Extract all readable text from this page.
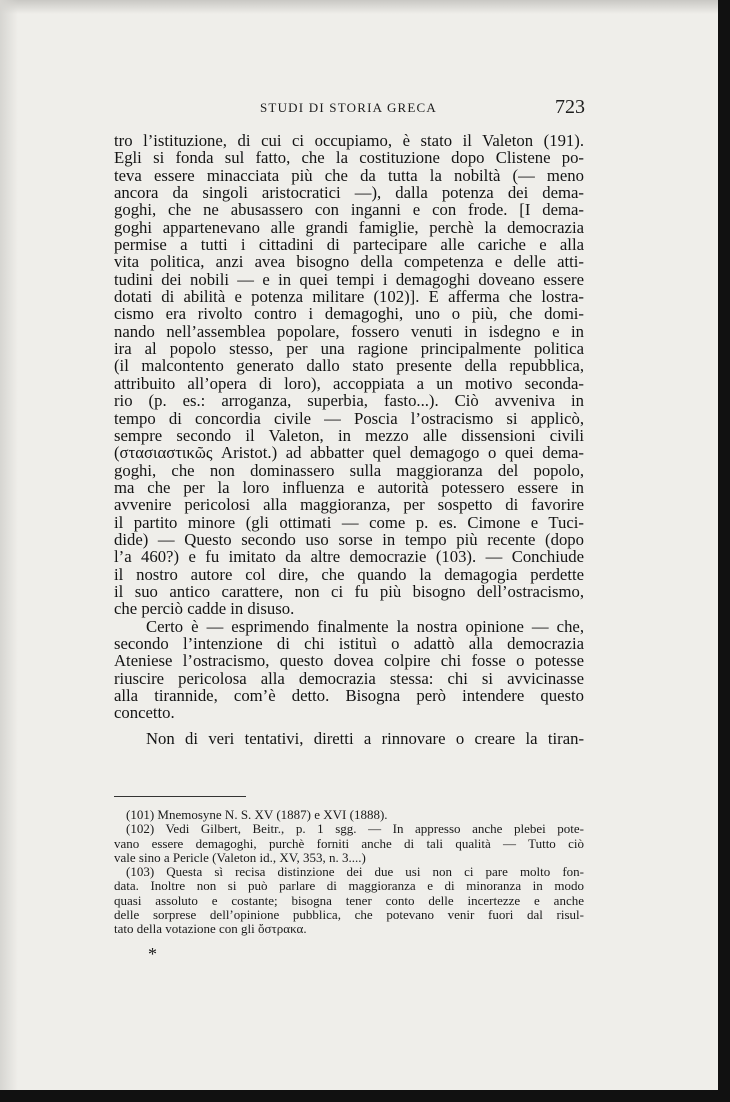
STUDI DI STORIA GRECA	723
tro l’istituzione, di cui ci occupiamo, è stato il Valeton (191).
Egli si fonda sul fatto, che la costituzione dopo Clistene po-
teva essere minacciata più che da tutta la nobiltà (— meno
ancora da singoli aristocratici —), dalla potenza dei dema-
goghi, che ne abusassero con inganni e con frode. [I dema-
goghi appartenevano alle grandi famiglie, perchè la democrazia
permise a tutti i cittadini di partecipare alle cariche e alla
vita politica, anzi avea bisogno della competenza e delle atti-
tudini dei nobili — e in quei tempi i demagoghi doveano essere
dotati di abilità e potenza militare (102)]. E afferma che lostra-
cismo era rivolto contro i demagoghi, uno o più, che domi-
nando nell’assemblea popolare, fossero venuti in isdegno e in
ira al popolo stesso, per una ragione principalmente politica
(il malcontento generato dallo stato presente della repubblica,
attribuito all’opera di loro), accoppiata a un motivo seconda-
rio (p. es.: arroganza, superbia, fasto...). Ciò avveniva in
tempo di concordia civile — Poscia l’ostracismo si applicò,
sempre secondo il Valeton, in mezzo alle dissensioni civili
(στασιαστικῶς Aristot.) ad abbatter quel demagogo o quei dema-
goghi, che non dominassero sulla maggioranza del popolo,
ma che per la loro influenza e autorità potessero essere in
avvenire pericolosi alla maggioranza, per sospetto di favorire
il partito minore (gli ottimati — come p. es. Cimone e Tuci-
dide) — Questo secondo uso sorse in tempo più recente (dopo
l’a 460?) e fu imitato da altre democrazie (103). — Conchiude
il nostro autore col dire, che quando la demagogia perdette
il suo antico carattere, non ci fu più bisogno dell’ostracismo,
che perciò cadde in disuso.
Certo è — esprimendo finalmente la nostra opinione — che,
secondo l’intenzione di chi istituì o adattò alla democrazia
Ateniese l’ostracismo, questo dovea colpire chi fosse o potesse
riuscire pericolosa alla democrazia stessa: chi si avvicinasse
alla tirannide, com’è detto. Bisogna però intendere questo
concetto.
Non di veri tentativi, diretti a rinnovare o creare la tiran-
(101) Mnemosyne N. S. XV (1887) e XVI (1888).
(102) Vedi Gilbert, Beitr., p. 1 sgg. — In appresso anche plebei pote-
vano essere demagoghi, purchè forniti anche di tali qualità — Tutto ciò
vale sino a Pericle (Valeton id., XV, 353, n. 3....)
(103) Questa sì recisa distinzione dei due usi non ci pare molto fon-
data. Inoltre non si può parlare di maggioranza e di minoranza in modo
quasi assoluto e costante; bisogna tener conto delle incertezze e anche
delle sorprese dell’opinione pubblica, che potevano venir fuori dal risul-
tato della votazione con gli ὄστρακα.
*
